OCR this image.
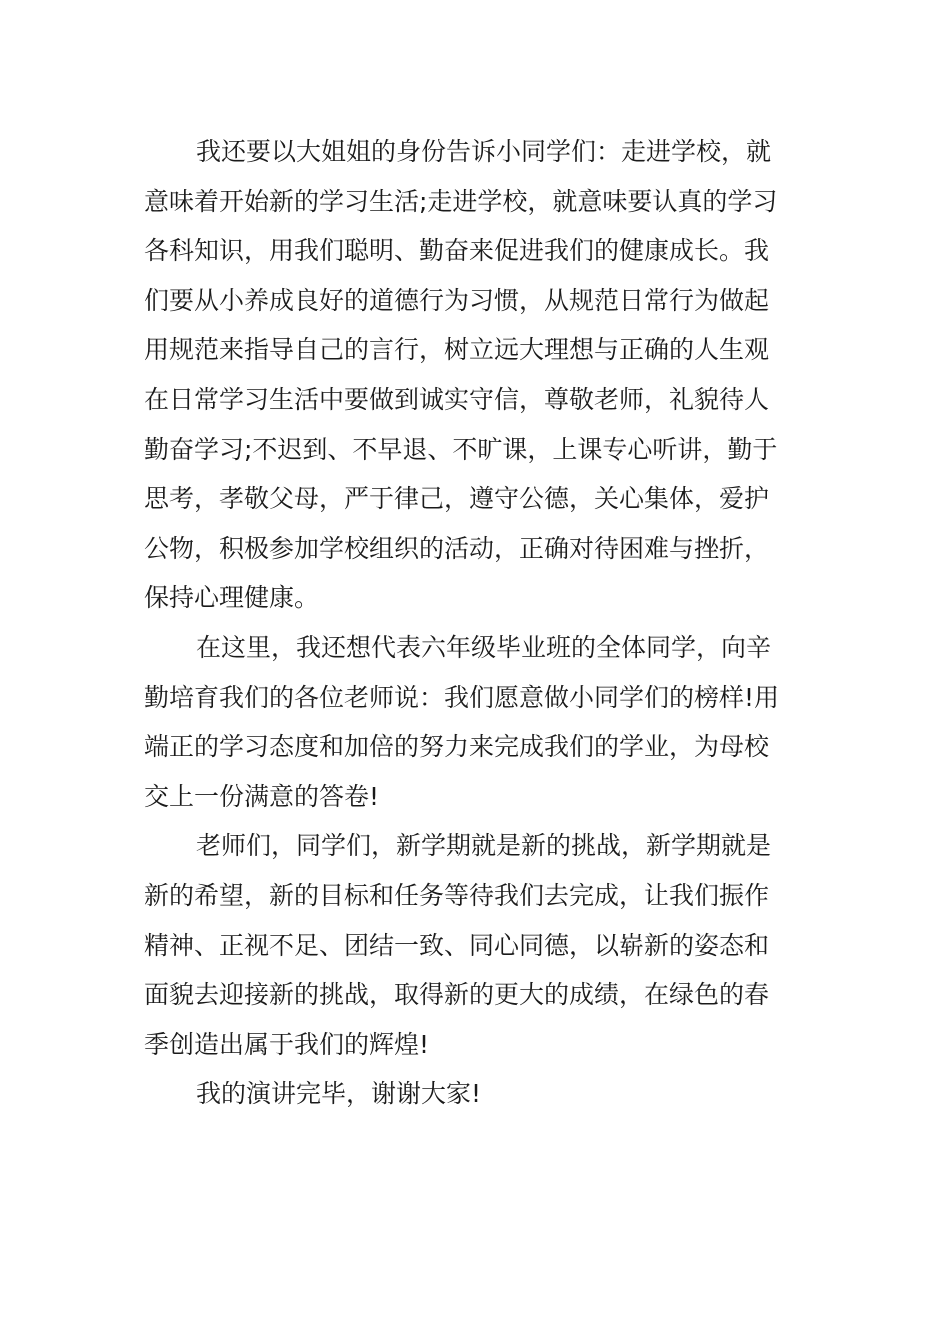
我还要以大姐姐的身份告诉小同学们：走进学校，就
意味着开始新的学习生活;走进学校，就意味要认真的学习
各科知识，用我们聪明、勤奋来促进我们的健康成长。我
们要从小养成良好的道德行为习惯，从规范日常行为做起
用规范来指导自己的言行，树立远大理想与正确的人生观
在日常学习生活中要做到诚实守信，尊敬老师，礼貌待人
勤奋学习;不迟到、不早退、不旷课，上课专心听讲，勤于
思考，孝敬父母，严于律己，遵守公德，关心集体，爱护
公物，积极参加学校组织的活动，正确对待困难与挫折，
保持心理健康。
在这里，我还想代表六年级毕业班的全体同学，向辛
勤培育我们的各位老师说：我们愿意做小同学们的榜样!用
端正的学习态度和加倍的努力来完成我们的学业，为母校
交上一份满意的答卷!
老师们，同学们，新学期就是新的挑战，新学期就是
新的希望，新的目标和任务等待我们去完成，让我们振作
精神、正视不足、团结一致、同心同德，以崭新的姿态和
面貌去迎接新的挑战，取得新的更大的成绩，在绿色的春
季创造出属于我们的辉煌!
我的演讲完毕，谢谢大家!
